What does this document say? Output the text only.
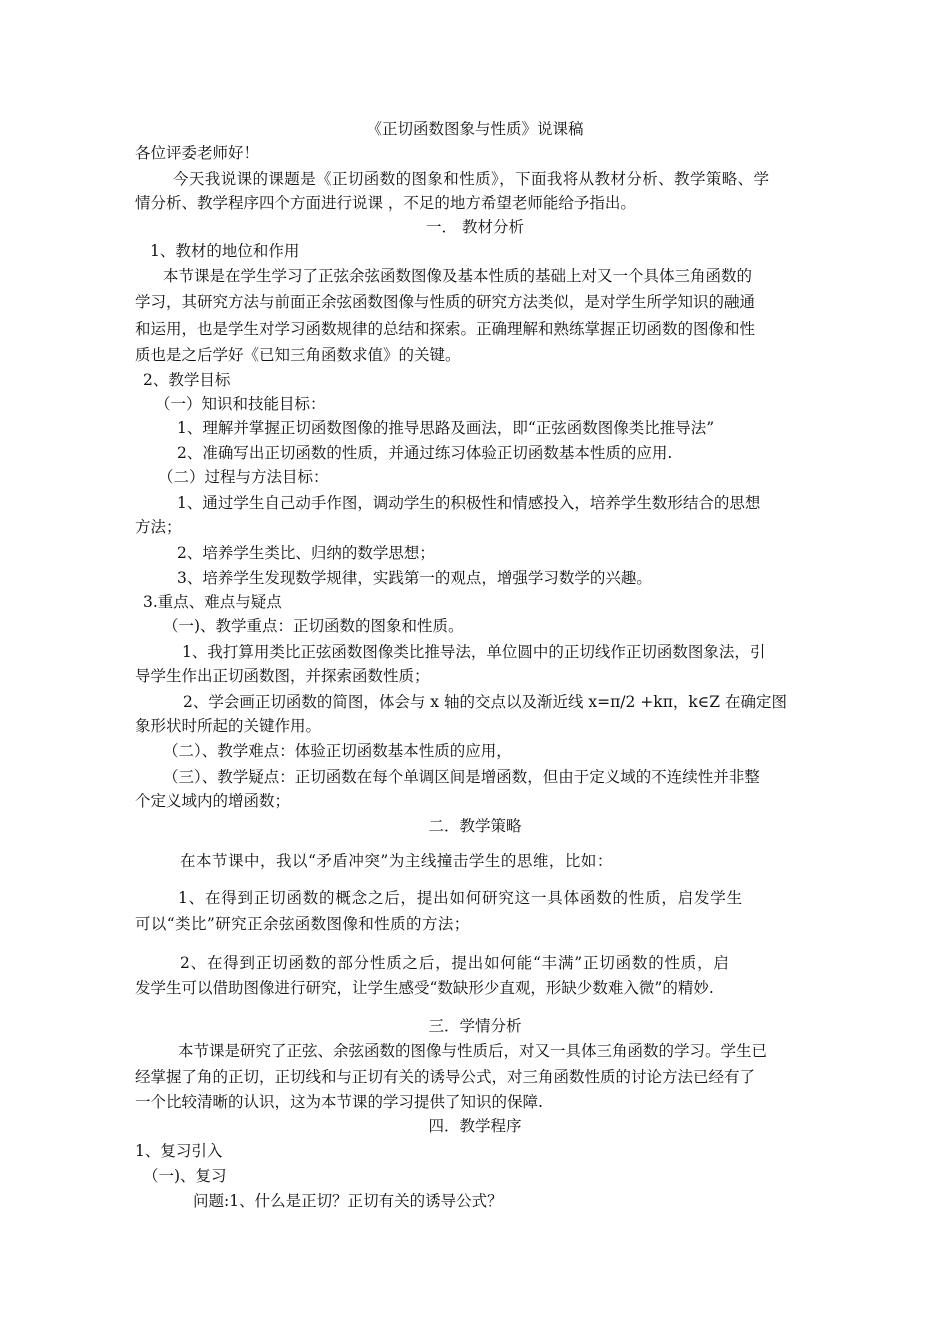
《正切函数图象与性质》说课稿
各位评委老师好！
今天我说课的课题是《正切函数的图象和性质》，下面我将从教材分析、教学策略、学
情分析、教学程序四个方面进行说课 ，不足的地方希望老师能给予指出。
一． 教材分析
1、教材的地位和作用
本节课是在学生学习了正弦余弦函数图像及基本性质的基础上对又一个具体三角函数的
学习，其研究方法与前面正余弦函数图像与性质的研究方法类似，是对学生所学知识的融通
和运用，也是学生对学习函数规律的总结和探索。正确理解和熟练掌握正切函数的图像和性
质也是之后学好《已知三角函数求值》的关键。
2、教学目标
（一）知识和技能目标：
1、理解并掌握正切函数图像的推导思路及画法，即“正弦函数图像类比推导法”
2、准确写出正切函数的性质，并通过练习体验正切函数基本性质的应用.
（二）过程与方法目标：
1、通过学生自己动手作图，调动学生的积极性和情感投入，培养学生数形结合的思想
方法；
2、培养学生类比、归纳的数学思想；
3、培养学生发现数学规律，实践第一的观点，增强学习数学的兴趣。
3.重点、难点与疑点
（一)、教学重点：正切函数的图象和性质。
1、我打算用类比正弦函数图像类比推导法，单位圆中的正切线作正切函数图象法，引
导学生作出正切函数图，并探索函数性质；
2、学会画正切函数的简图，体会与 x 轴的交点以及渐近线 x=π/2 +kπ，k∈Z 在确定图
象形状时所起的关键作用。
（二）、教学难点：体验正切函数基本性质的应用，
（三）、教学疑点：正切函数在每个单调区间是增函数，但由于定义域的不连续性并非整
个定义域内的增函数；
二．教学策略
在本节课中，我以“矛盾冲突”为主线撞击学生的思维，比如：
1、在得到正切函数的概念之后，提出如何研究这一具体函数的性质，启发学生
可以“类比”研究正余弦函数图像和性质的方法；
2、在得到正切函数的部分性质之后，提出如何能“丰满”正切函数的性质，启
发学生可以借助图像进行研究，让学生感受“数缺形少直观，形缺少数难入微”的精妙.
三．学情分析
本节课是研究了正弦、余弦函数的图像与性质后，对又一具体三角函数的学习。学生已
经掌握了角的正切，正切线和与正切有关的诱导公式，对三角函数性质的讨论方法已经有了
一个比较清晰的认识，这为本节课的学习提供了知识的保障.
四．教学程序
1、复习引入
（一)、复习
问题:1、什么是正切？正切有关的诱导公式？
